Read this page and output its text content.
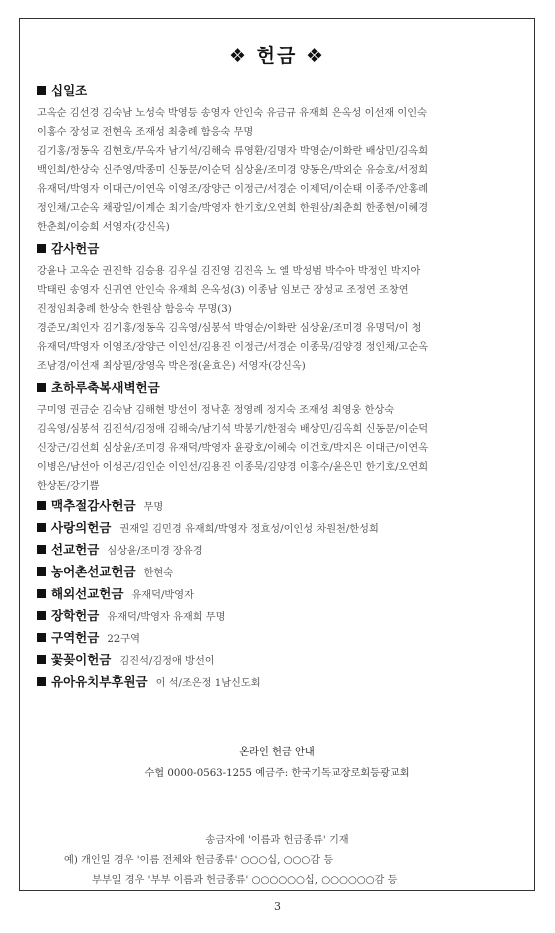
❖ 헌금 ❖
십일조
고옥순 김선경 김숙남 노성숙 박영등 송영자 안인숙 유금규 유재희 은옥성 이선재 이인숙
이홍수 장성교 전현옥 조재성 최충례 함응숙 무명
김기홍/정동옥 김현호/무옥자 남기석/김해숙 류영환/김명자 박영순/이화란 배상민/김옥희
백인희/한상숙 신주영/박종미 신동문/이순덕 심상윤/조미경 양동은/박외순 유승호/서정희
유재덕/박영자 이대근/이연옥 이영조/장양근 이정근/서경순 이제덕/이순태 이종주/안홍례
정인채/고순옥 채광일/이계순 최기술/박영자 한기호/오연희 한원삼/최춘희 한종현/이혜경
한춘희/이승희 서영자(강신옥)
감사헌금
강윤나 고옥순 권진학 김승용 김우실 김진영 김진옥 노 엘 박성범 박수아 박정인 박지아
박태린 송영자 신귀연 안인숙 유재희 은옥성(3) 이종남 임보근 장성교 조정연 조창연
진정임최충례 한상숙 한원삼 함응숙 무명(3)
경준모/최인자 김기홍/정동옥 김옥영/심봉석 박영순/이화란 심상윤/조미경 유명덕/이 청
유재덕/박영자 이영조/장양근 이인선/김용진 이정근/서경순 이종묵/김양경 정인채/고순옥
조남경/이선재 최상필/장영옥 박은정(윤효은) 서영자(강신옥)
초하루축복새벽헌금
구미영 권금순 김숙남 김해현 방선이 정낙훈 정영례 정지숙 조재성 최영웅 한상숙
김옥영/심봉석 김진석/김정애 김해숙/남기석 박봉기/한점숙 배상민/김옥희 신동문/이순덕
신장근/김선희 심상윤/조미경 유재덕/박영자 윤광호/이혜숙 이건호/박지은 이대근/이연옥
이병은/남선아 이성곤/김인순 이인선/김용진 이종묵/김양경 이홍수/윤은민 한기호/오연희
한상돈/강기쁨
맥추절감사헌금 무명
사랑의헌금 권재일 김민경 유재희/박영자 정효성/이인성 차원천/한성희
선교헌금 심상윤/조미경 장유경
농어촌선교헌금 한현숙
해외선교헌금 유재덕/박영자
장학헌금 유재덕/박영자 유재희 무명
구역헌금 22구역
꽃꽂이헌금 김진석/김정애 방선이
유아유치부후원금 이 석/조은정 1남신도회
온라인 헌금 안내
수협 0000-0563-1255 예금주: 한국기독교장로회등광교회
송금자에 '이름과 헌금종류' 기재
예) 개인일 경우 '이름 전체와 헌금종류' ○○○십, ○○○감 등
부부일 경우 '부부 이름과 헌금종류' ○○○○○○십, ○○○○○○감 등
3
